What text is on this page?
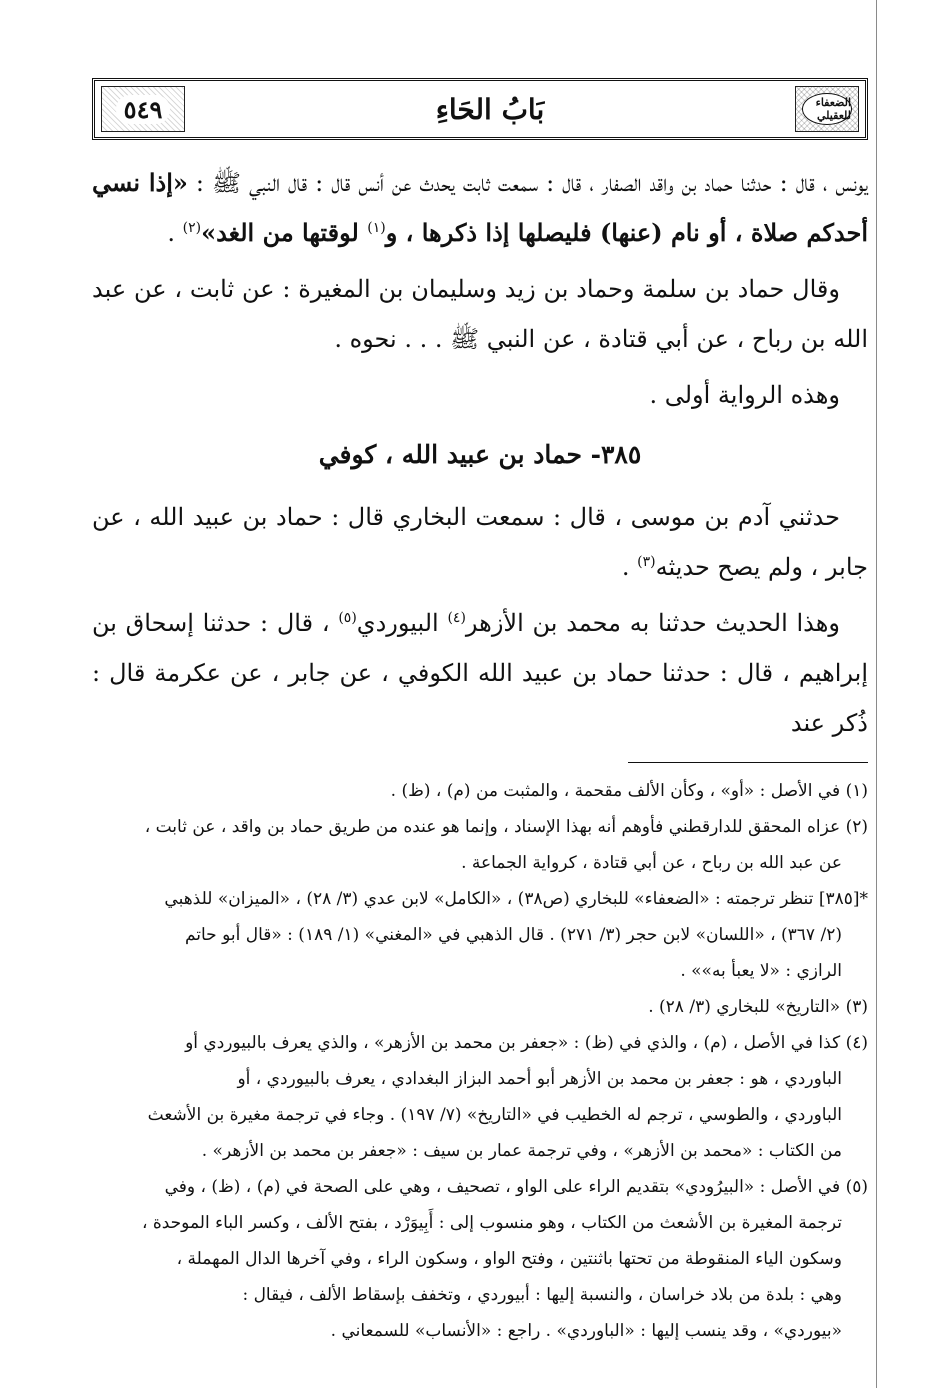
الضعفاء للعقيلي
بَابُ الحَاءِ
٥٤٩

يونس ، قال : حدثنا حماد بن واقد الصفار ، قال : سمعت ثابت يحدث عن أنس قال : قال النبي ﷺ : «إذا نسي أحدكم صلاة ، أو نام (عنها) فليصلها إذا ذكرها ، و$^{(١)}$ لوقتها من الغد»$^{(٢)}$ .

وقال حماد بن سلمة وحماد بن زيد وسليمان بن المغيرة : عن ثابت ، عن عبد الله بن رباح ، عن أبي قتادة ، عن النبي ﷺ . . . نحوه .

وهذه الرواية أولى .

٣٨٥- حماد بن عبيد الله ، كوفي

حدثني آدم بن موسى ، قال : سمعت البخاري قال : حماد بن عبيد الله ، عن جابر ، ولم يصح حديثه$^{(٣)}$ .

وهذا الحديث حدثنا به محمد بن الأزهر$^{(٤)}$ البيوردي$^{(٥)}$ ، قال : حدثنا إسحاق بن إبراهيم ، قال : حدثنا حماد بن عبيد الله الكوفي ، عن جابر ، عن عكرمة قال : ذُكر عند

(١) في الأصل : «أو» ، وكأن الألف مقحمة ، والمثبت من (م) ، (ظ) .

(٢) عزاه المحقق للدارقطني فأوهم أنه بهذا الإسناد ، وإنما هو عنده من طريق حماد بن واقد ، عن ثابت ،

عن عبد الله بن رباح ، عن أبي قتادة ، كرواية الجماعة .

*[٣٨٥] تنظر ترجمته : «الضعفاء» للبخاري (ص٣٨) ، «الكامل» لابن عدي (٣/ ٢٨) ، «الميزان» للذهبي

(٢/ ٣٦٧) ، «اللسان» لابن حجر (٣/ ٢٧١) . قال الذهبي في «المغني» (١/ ١٨٩) : «قال أبو حاتم

الرازي : «لا يعبأ به»» .

(٣) «التاريخ» للبخاري (٣/ ٢٨) .

(٤) كذا في الأصل ، (م) ، والذي في (ظ) : «جعفر بن محمد بن الأزهر» ، والذي يعرف بالبيوردي أو

الباوردي ، هو : جعفر بن محمد بن الأزهر أبو أحمد البزاز البغدادي ، يعرف بالبيوردي ، أو

الباوردي ، والطوسي ، ترجم له الخطيب في «التاريخ» (٧/ ١٩٧) . وجاء في ترجمة مغيرة بن الأشعث

من الكتاب : «محمد بن الأزهر» ، وفي ترجمة عمار بن سيف : «جعفر بن محمد بن الأزهر» .

(٥) في الأصل : «البيرُودي» بتقديم الراء على الواو ، تصحيف ، وهي على الصحة في (م) ، (ظ) ، وفي

ترجمة المغيرة بن الأشعث من الكتاب ، وهو منسوب إلى : أَبِيوَرْد ، بفتح الألف ، وكسر الباء الموحدة ،

وسكون الياء المنقوطة من تحتها باثنتين ، وفتح الواو ، وسكون الراء ، وفي آخرها الدال المهملة ،

وهي : بلدة من بلاد خراسان ، والنسبة إليها : أبيوردي ، وتخفف بإسقاط الألف ، فيقال :

«بيوردي» ، وقد ينسب إليها : «الباوردي» . راجع : «الأنساب» للسمعاني .
